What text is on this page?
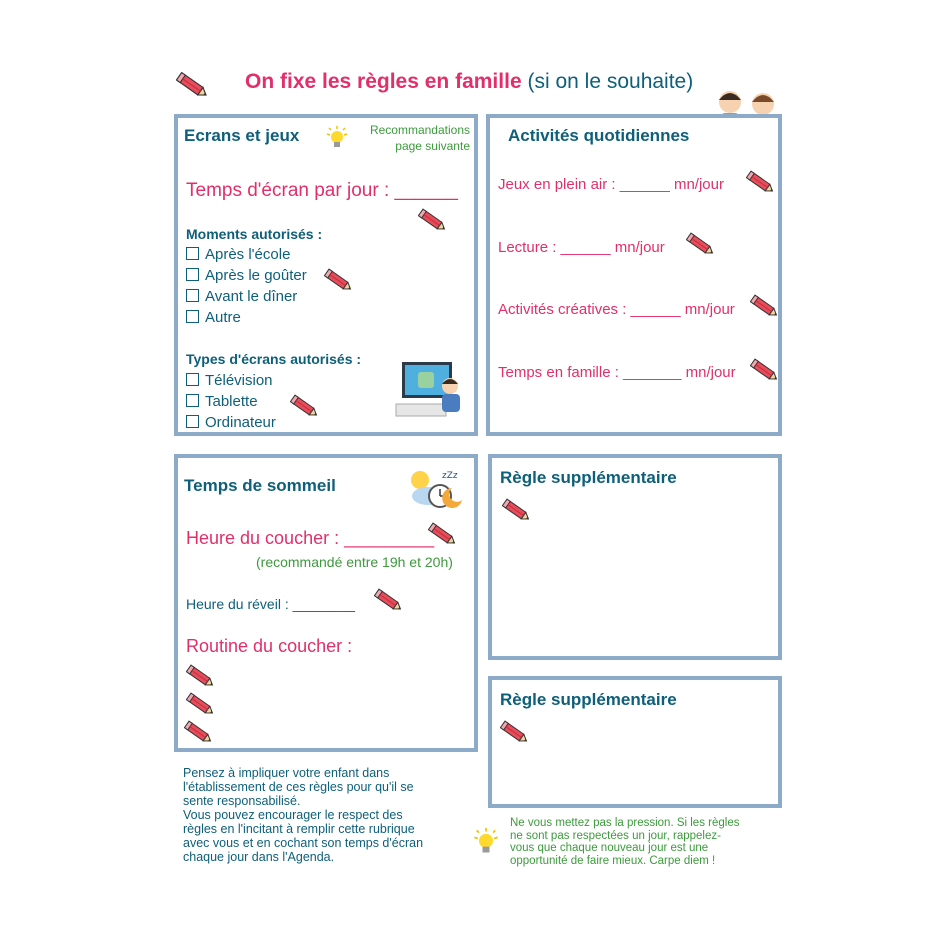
On fixe les règles en famille (si on le souhaite)
Ecrans et jeux	Recommandations
page suivante
Temps d'écran par jour : ______
Moments autorisés :
Après l'école
Après le goûter
Avant le dîner
Autre
Types d'écrans autorisés :
Télévision
Tablette
Ordinateur
Activités quotidiennes
Jeux en plein air : ______ mn/jour
Lecture : ______ mn/jour
Activités créatives : ______ mn/jour
Temps en famille : _______ mn/jour
Temps de sommeil	zZz
Heure du coucher : _________
(recommandé entre 19h et 20h)
Heure du réveil : ________
Routine du coucher :
Règle supplémentaire
Règle supplémentaire
Pensez à impliquer votre enfant dans
l'établissement de ces règles pour qu'il se
sente responsabilisé.
Vous pouvez encourager le respect des
règles en l'incitant à remplir cette rubrique
avec vous et en cochant son temps d'écran
chaque jour dans l'Agenda.
Ne vous mettez pas la pression. Si les règles
ne sont pas respectées un jour, rappelez-
vous que chaque nouveau jour est une
opportunité de faire mieux. Carpe diem !
